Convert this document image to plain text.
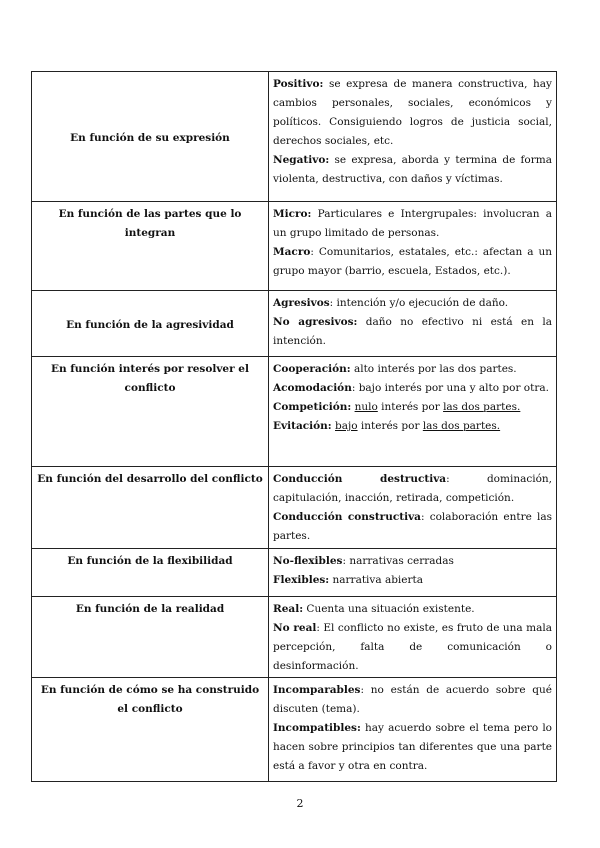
En función de su expresión	Positivo: se expresa de manera constructiva, hay cambios personales, sociales, económicos y políticos. Consiguiendo logros de justicia social, derechos sociales, etc.
Negativo: se expresa, aborda y termina de forma violenta, destructiva, con daños y víctimas.

En función de las partes que lo integran	Micro: Particulares e Intergrupales: involucran a un grupo limitado de personas.
Macro: Comunitarios, estatales, etc.: afectan a un grupo mayor (barrio, escuela, Estados, etc.).

En función de la agresividad	Agresivos: intención y/o ejecución de daño.
No agresivos: daño no efectivo ni está en la intención.

En función interés por resolver el conflicto	Cooperación: alto interés por las dos partes.
Acomodación: bajo interés por una y alto por otra.
Competición: nulo interés por las dos partes.
Evitación: bajo interés por las dos partes.

En función del desarrollo del conflicto	Conducción destructiva: dominación, capitulación, inacción, retirada, competición.
Conducción constructiva: colaboración entre las partes.

En función de la flexibilidad	No-flexibles: narrativas cerradas
Flexibles: narrativa abierta

En función de la realidad	Real: Cuenta una situación existente.
No real: El conflicto no existe, es fruto de una mala percepción, falta de comunicación o desinformación.

En función de cómo se ha construido el conflicto	Incomparables: no están de acuerdo sobre qué discuten (tema).
Incompatibles: hay acuerdo sobre el tema pero lo hacen sobre principios tan diferentes que una parte está a favor y otra en contra.
2
